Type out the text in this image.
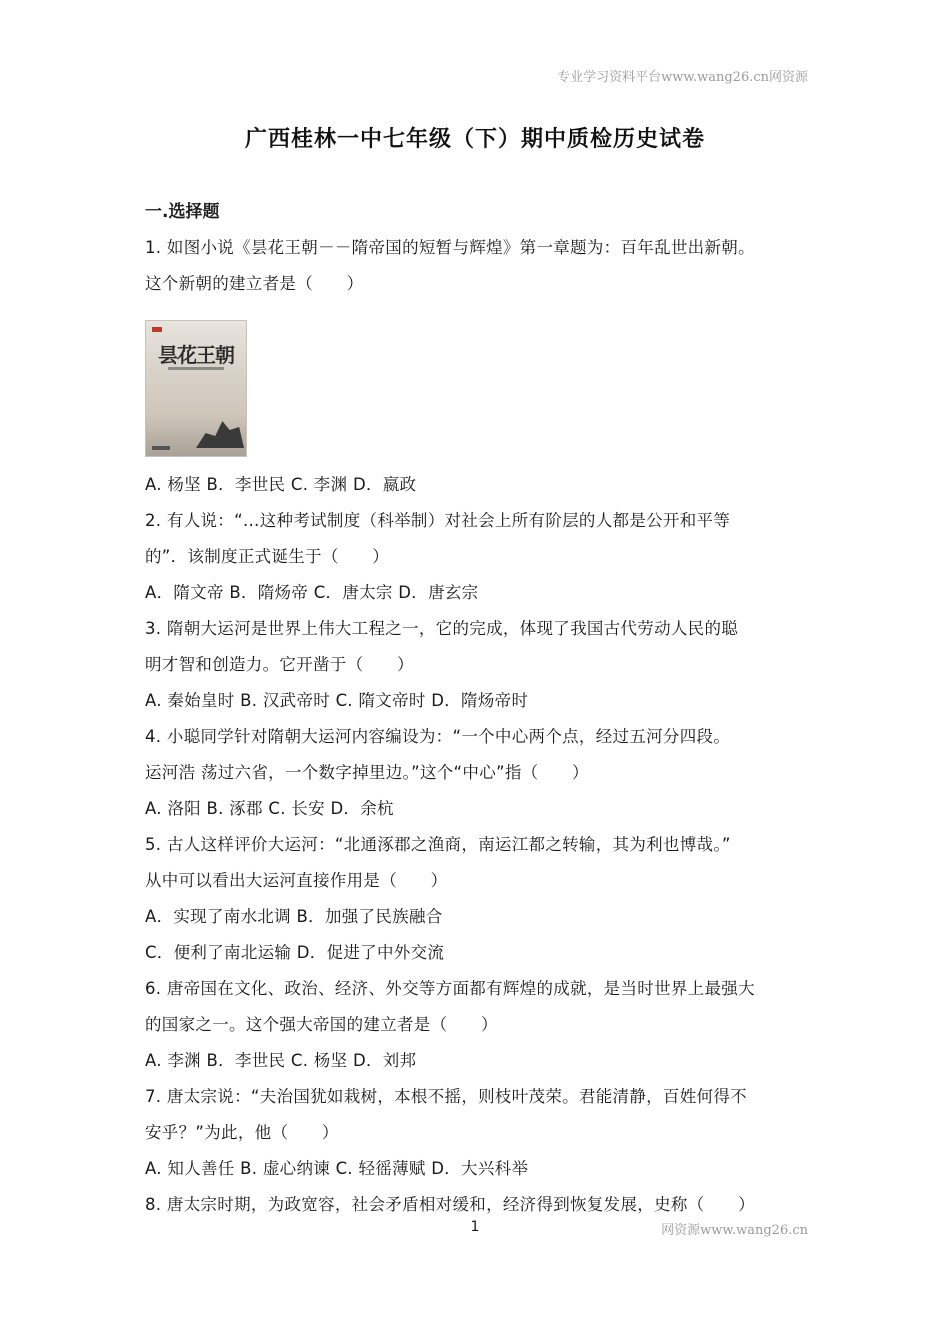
专业学习资料平台www.wang26.cn网资源
广西桂林一中七年级（下）期中质检历史试卷
一.选择题
1. 如图小说《昙花王朝－－隋帝国的短暂与辉煌》第一章题为：百年乱世出新朝。
这个新朝的建立者是（　　）
昙花王朝
A. 杨坚 B．李世民 C. 李渊 D．嬴政
2. 有人说：“…这种考试制度（科举制）对社会上所有阶层的人都是公开和平等
的”．该制度正式诞生于（　　）
A．隋文帝 B．隋炀帝 C．唐太宗 D．唐玄宗
3. 隋朝大运河是世界上伟大工程之一，它的完成，体现了我国古代劳动人民的聪
明才智和创造力。它开凿于（　　）
A. 秦始皇时 B. 汉武帝时 C. 隋文帝时 D．隋炀帝时
4. 小聪同学针对隋朝大运河内容编设为：“一个中心两个点，经过五河分四段。
运河浩 荡过六省，一个数字掉里边。”这个“中心”指（　　）
A. 洛阳 B. 涿郡 C. 长安 D．余杭
5. 古人这样评价大运河：“北通涿郡之渔商，南运江都之转输，其为利也博哉。”
从中可以看出大运河直接作用是（　　）
A．实现了南水北调 B．加强了民族融合
C．便利了南北运输 D．促进了中外交流
6. 唐帝国在文化、政治、经济、外交等方面都有辉煌的成就，是当时世界上最强大
的国家之一。这个强大帝国的建立者是（　　）
A. 李渊 B．李世民 C. 杨坚 D．刘邦
7. 唐太宗说：“夫治国犹如栽树，本根不摇，则枝叶茂荣。君能清静，百姓何得不
安乎？”为此，他（　　）
A. 知人善任 B. 虚心纳谏 C. 轻徭薄赋 D．大兴科举
8. 唐太宗时期，为政宽容，社会矛盾相对缓和，经济得到恢复发展，史称（　　）
1	网资源www.wang26.cn
